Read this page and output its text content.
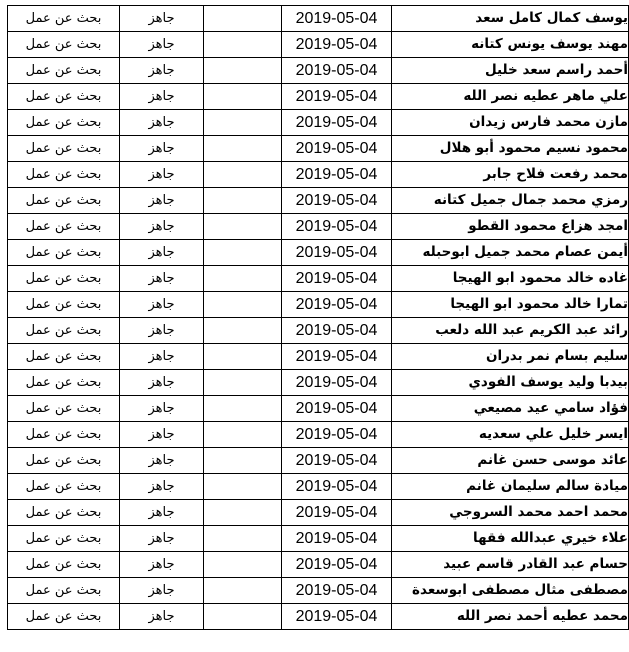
يوسف كمال كامل سعد	2019-05-04		جاهز	بحث عن عمل
مهند يوسف يونس كتانه	2019-05-04		جاهز	بحث عن عمل
أحمد راسم سعد خليل	2019-05-04		جاهز	بحث عن عمل
علي ماهر عطيه نصر الله	2019-05-04		جاهز	بحث عن عمل
مازن محمد فارس زيدان	2019-05-04		جاهز	بحث عن عمل
محمود نسيم محمود أبو هلال	2019-05-04		جاهز	بحث عن عمل
محمد رفعت فلاح جابر	2019-05-04		جاهز	بحث عن عمل
رمزي محمد جمال جميل كتانه	2019-05-04		جاهز	بحث عن عمل
امجد هزاع محمود القطو	2019-05-04		جاهز	بحث عن عمل
أيمن عصام محمد جميل ابوحبله	2019-05-04		جاهز	بحث عن عمل
غاده خالد محمود ابو الهيجا	2019-05-04		جاهز	بحث عن عمل
تمارا خالد محمود ابو الهيجا	2019-05-04		جاهز	بحث عن عمل
رائد عبد الكريم عبد الله دلعب	2019-05-04		جاهز	بحث عن عمل
سليم بسام نمر بدران	2019-05-04		جاهز	بحث عن عمل
بيدبا وليد يوسف الفودي	2019-05-04		جاهز	بحث عن عمل
فؤاد سامي عيد مصيعي	2019-05-04		جاهز	بحث عن عمل
ايسر خليل علي سعديه	2019-05-04		جاهز	بحث عن عمل
عائد موسى حسن غانم	2019-05-04		جاهز	بحث عن عمل
ميادة سالم سليمان غانم	2019-05-04		جاهز	بحث عن عمل
محمد احمد محمد السروجي	2019-05-04		جاهز	بحث عن عمل
علاء خيري عبدالله فقها	2019-05-04		جاهز	بحث عن عمل
حسام عبد القادر قاسم عبيد	2019-05-04		جاهز	بحث عن عمل
مصطفى مثال مصطفى ابوسعدة	2019-05-04		جاهز	بحث عن عمل
محمد عطيه أحمد نصر الله	2019-05-04		جاهز	بحث عن عمل
